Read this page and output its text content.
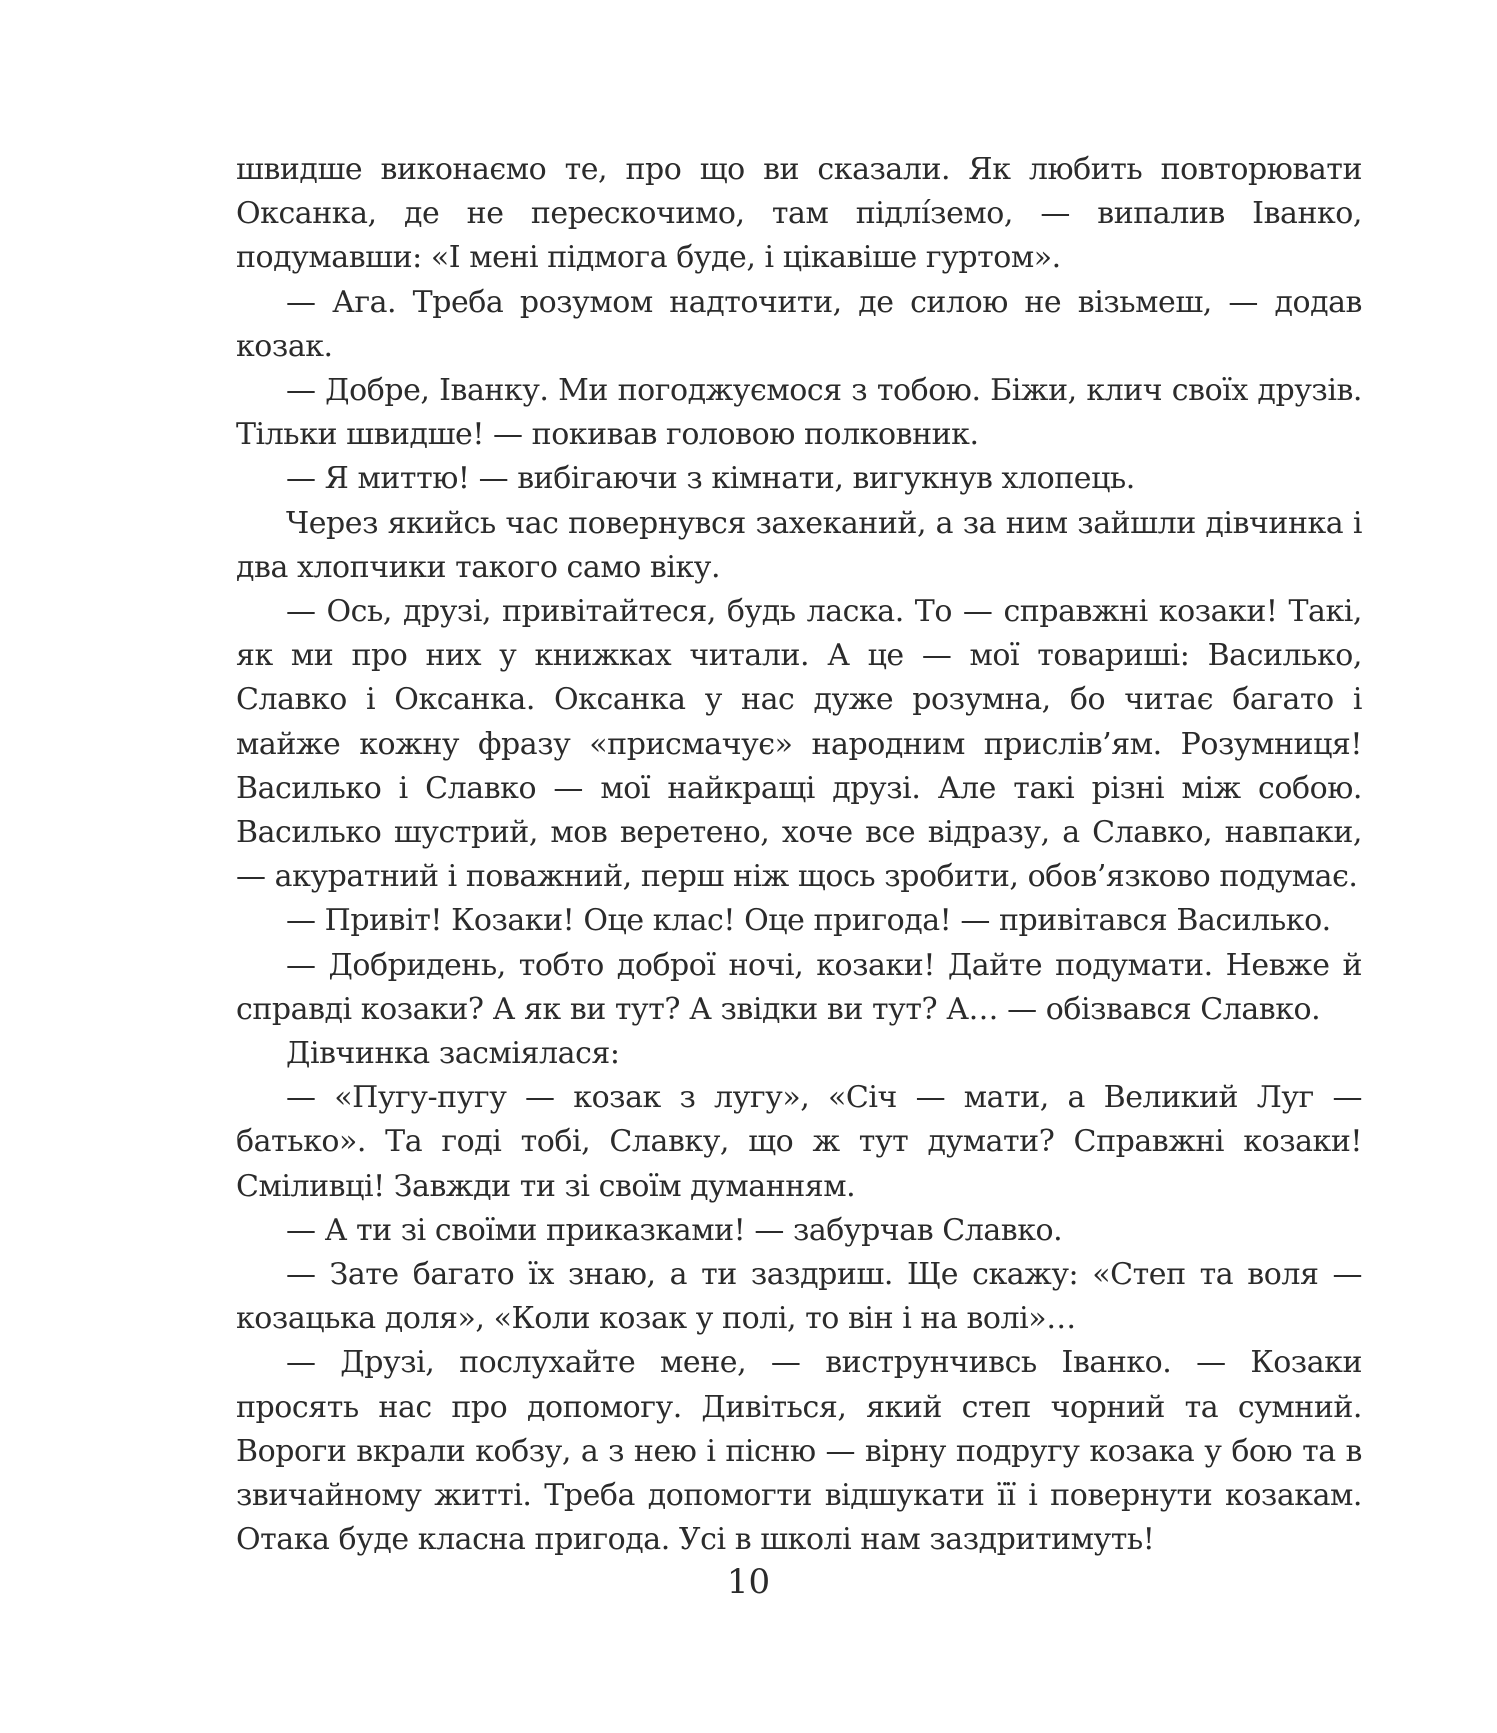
швидше виконаємо те, про що ви сказали. Як любить повторювати Оксанка, де не перескочимо, там підлíземо, — випалив Іванко, подумавши: «І мені підмога буде, і цікавіше гуртом».

— Ага. Треба розумом надточити, де силою не візьмеш, — додав козак.

— Добре, Іванку. Ми погоджуємося з тобою. Біжи, клич своїх друзів. Тільки швидше! — покивав головою полковник.

— Я миттю! — вибігаючи з кімнати, вигукнув хлопець.

Через якийсь час повернувся захеканий, а за ним зайшли дівчинка і два хлопчики такого само віку.

— Ось, друзі, привітайтеся, будь ласка. То — справжні козаки! Такі, як ми про них у книжках читали. А це — мої товариші: Василько, Славко і Оксанка. Оксанка у нас дуже розумна, бо читає багато і майже кожну фразу «присмачує» народним прислів’ям. Розумниця! Василько і Славко — мої найкращі друзі. Але такі різні між собою. Василько шустрий, мов веретено, хоче все відразу, а Славко, навпаки, — акуратний і поважний, перш ніж щось зробити, обов’язково подумає.

— Привіт! Козаки! Оце клас! Оце пригода! — привітався Василько.

— Добридень, тобто доброї ночі, козаки! Дайте подумати. Невже й справді козаки? А як ви тут? А звідки ви тут? А… — обізвався Славко.

Дівчинка засміялася:

— «Пугу-пугу — козак з лугу», «Січ — мати, а Великий Луг — батько». Та годі тобі, Славку, що ж тут думати? Справжні козаки! Сміливці! Завжди ти зі своїм думанням.

— А ти зі своїми приказками! — забурчав Славко.

— Зате багато їх знаю, а ти заздриш. Ще скажу: «Степ та воля — козацька доля», «Коли козак у полі, то він і на волі»…

— Друзі, послухайте мене, — виструнчивсь Іванко. — Козаки просять нас про допомогу. Дивіться, який степ чорний та сумний. Вороги вкрали кобзу, а з нею і пісню — вірну подругу козака у бою та в звичайному житті. Треба допомогти відшукати її і повернути козакам. Отака буде класна пригода. Усі в школі нам заздритимуть!

10
